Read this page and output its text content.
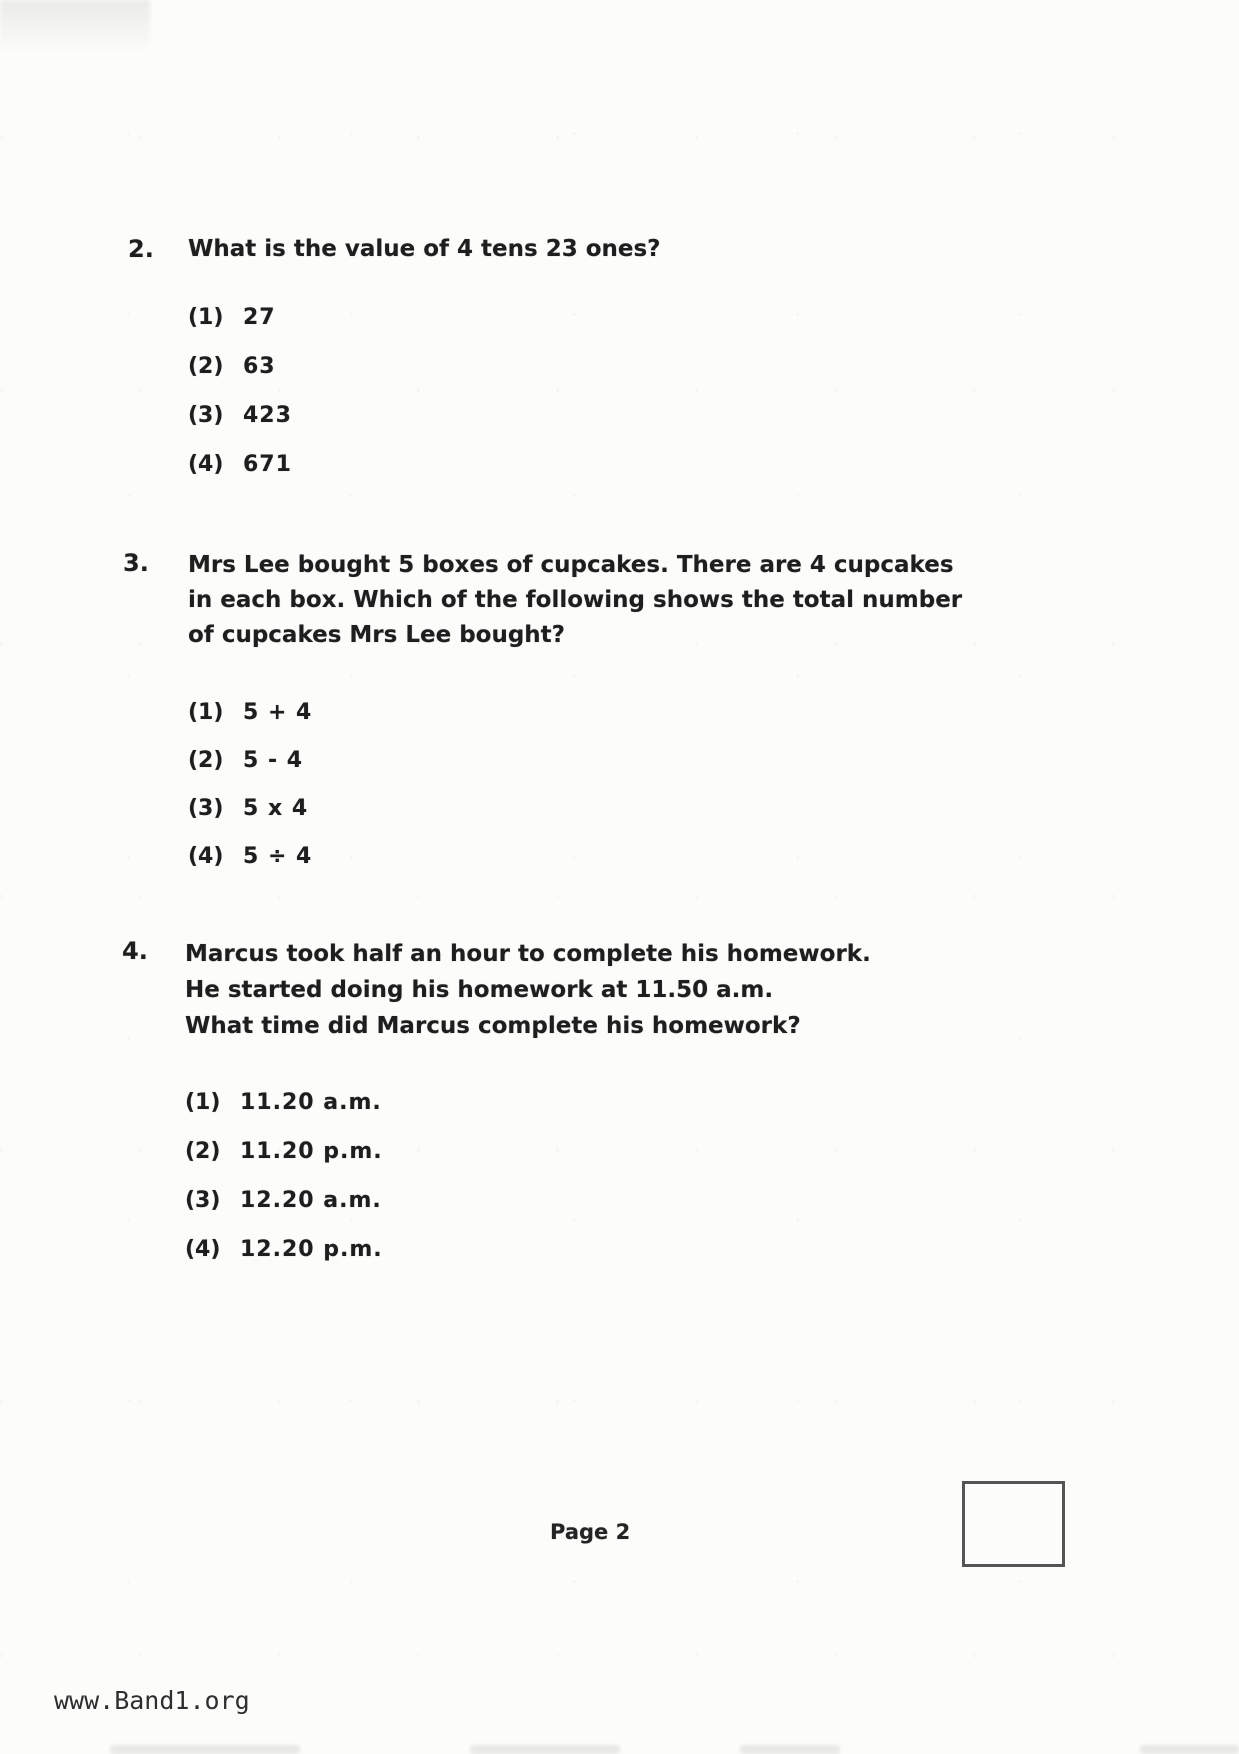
2.	What is the value of 4 tens 23 ones?

(1) 27
(2) 63
(3) 423
(4) 671
3.	Mrs Lee bought 5 boxes of cupcakes. There are 4 cupcakes

in each box. Which of the following shows the total number

of cupcakes Mrs Lee bought?

(1) 5 + 4
(2) 5 - 4
(3) 5 x 4
(4) 5 ÷ 4
4.	Marcus took half an hour to complete his homework.

He started doing his homework at 11.50 a.m.

What time did Marcus complete his homework?

(1) 11.20 a.m.
(2) 11.20 p.m.
(3) 12.20 a.m.
(4) 12.20 p.m.
Page 2
www.Band1.org
